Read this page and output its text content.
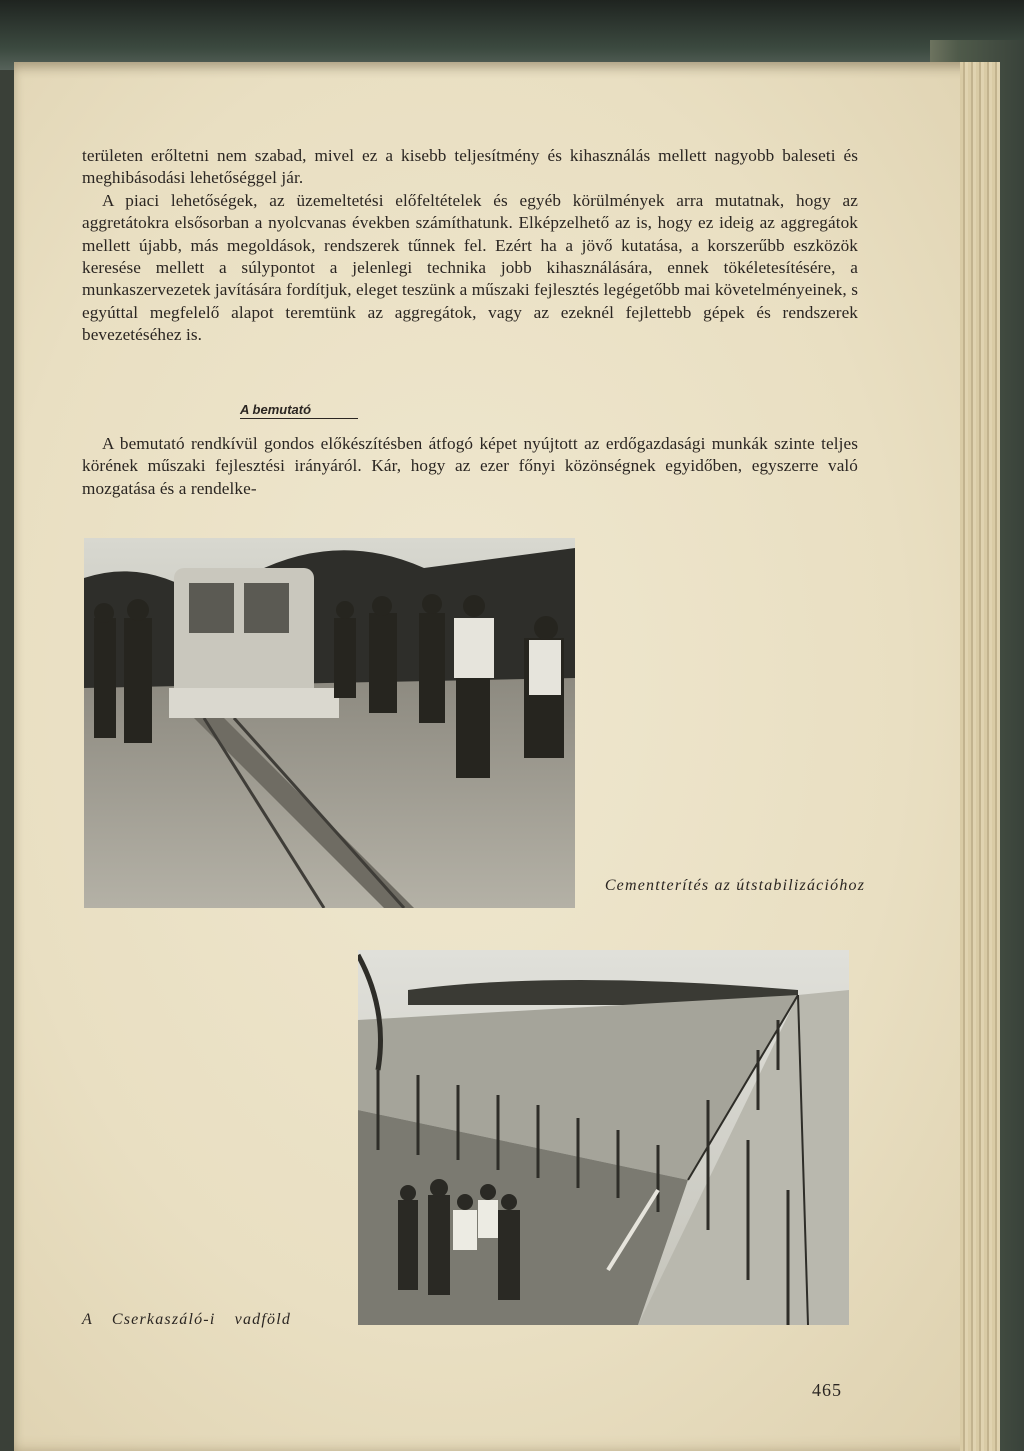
területen erőltetni nem szabad, mivel ez a kisebb teljesítmény és kihasználás mellett nagyobb baleseti és meghibásodási lehetőséggel jár.
A piaci lehetőségek, az üzemeltetési előfeltételek és egyéb körülmények arra mutatnak, hogy az aggretátokra elsősorban a nyolcvanas években számíthatunk. Elképzelhető az is, hogy ez ideig az aggregátok mellett újabb, más megoldások, rendszerek tűnnek fel. Ezért ha a jövő kutatása, a korszerűbb eszközök keresése mellett a súlypontot a jelenlegi technika jobb kihasználására, ennek tökéletesítésére, a munkaszervezetek javítására fordítjuk, eleget teszünk a műszaki fejlesztés legégetőbb mai követelményeinek, s egyúttal megfelelő alapot teremtünk az aggregátok, vagy az ezeknél fejlettebb gépek és rendszerek bevezetéséhez is.
A bemutató
A bemutató rendkívül gondos előkészítésben átfogó képet nyújtott az erdőgazdasági munkák szinte teljes körének műszaki fejlesztési irányáról. Kár, hogy az ezer főnyi közönségnek egyidőben, egyszerre való mozgatása és a rendelke-
Cementterítés az útstabilizációhoz
A Cserkaszáló-i vadföld
465
